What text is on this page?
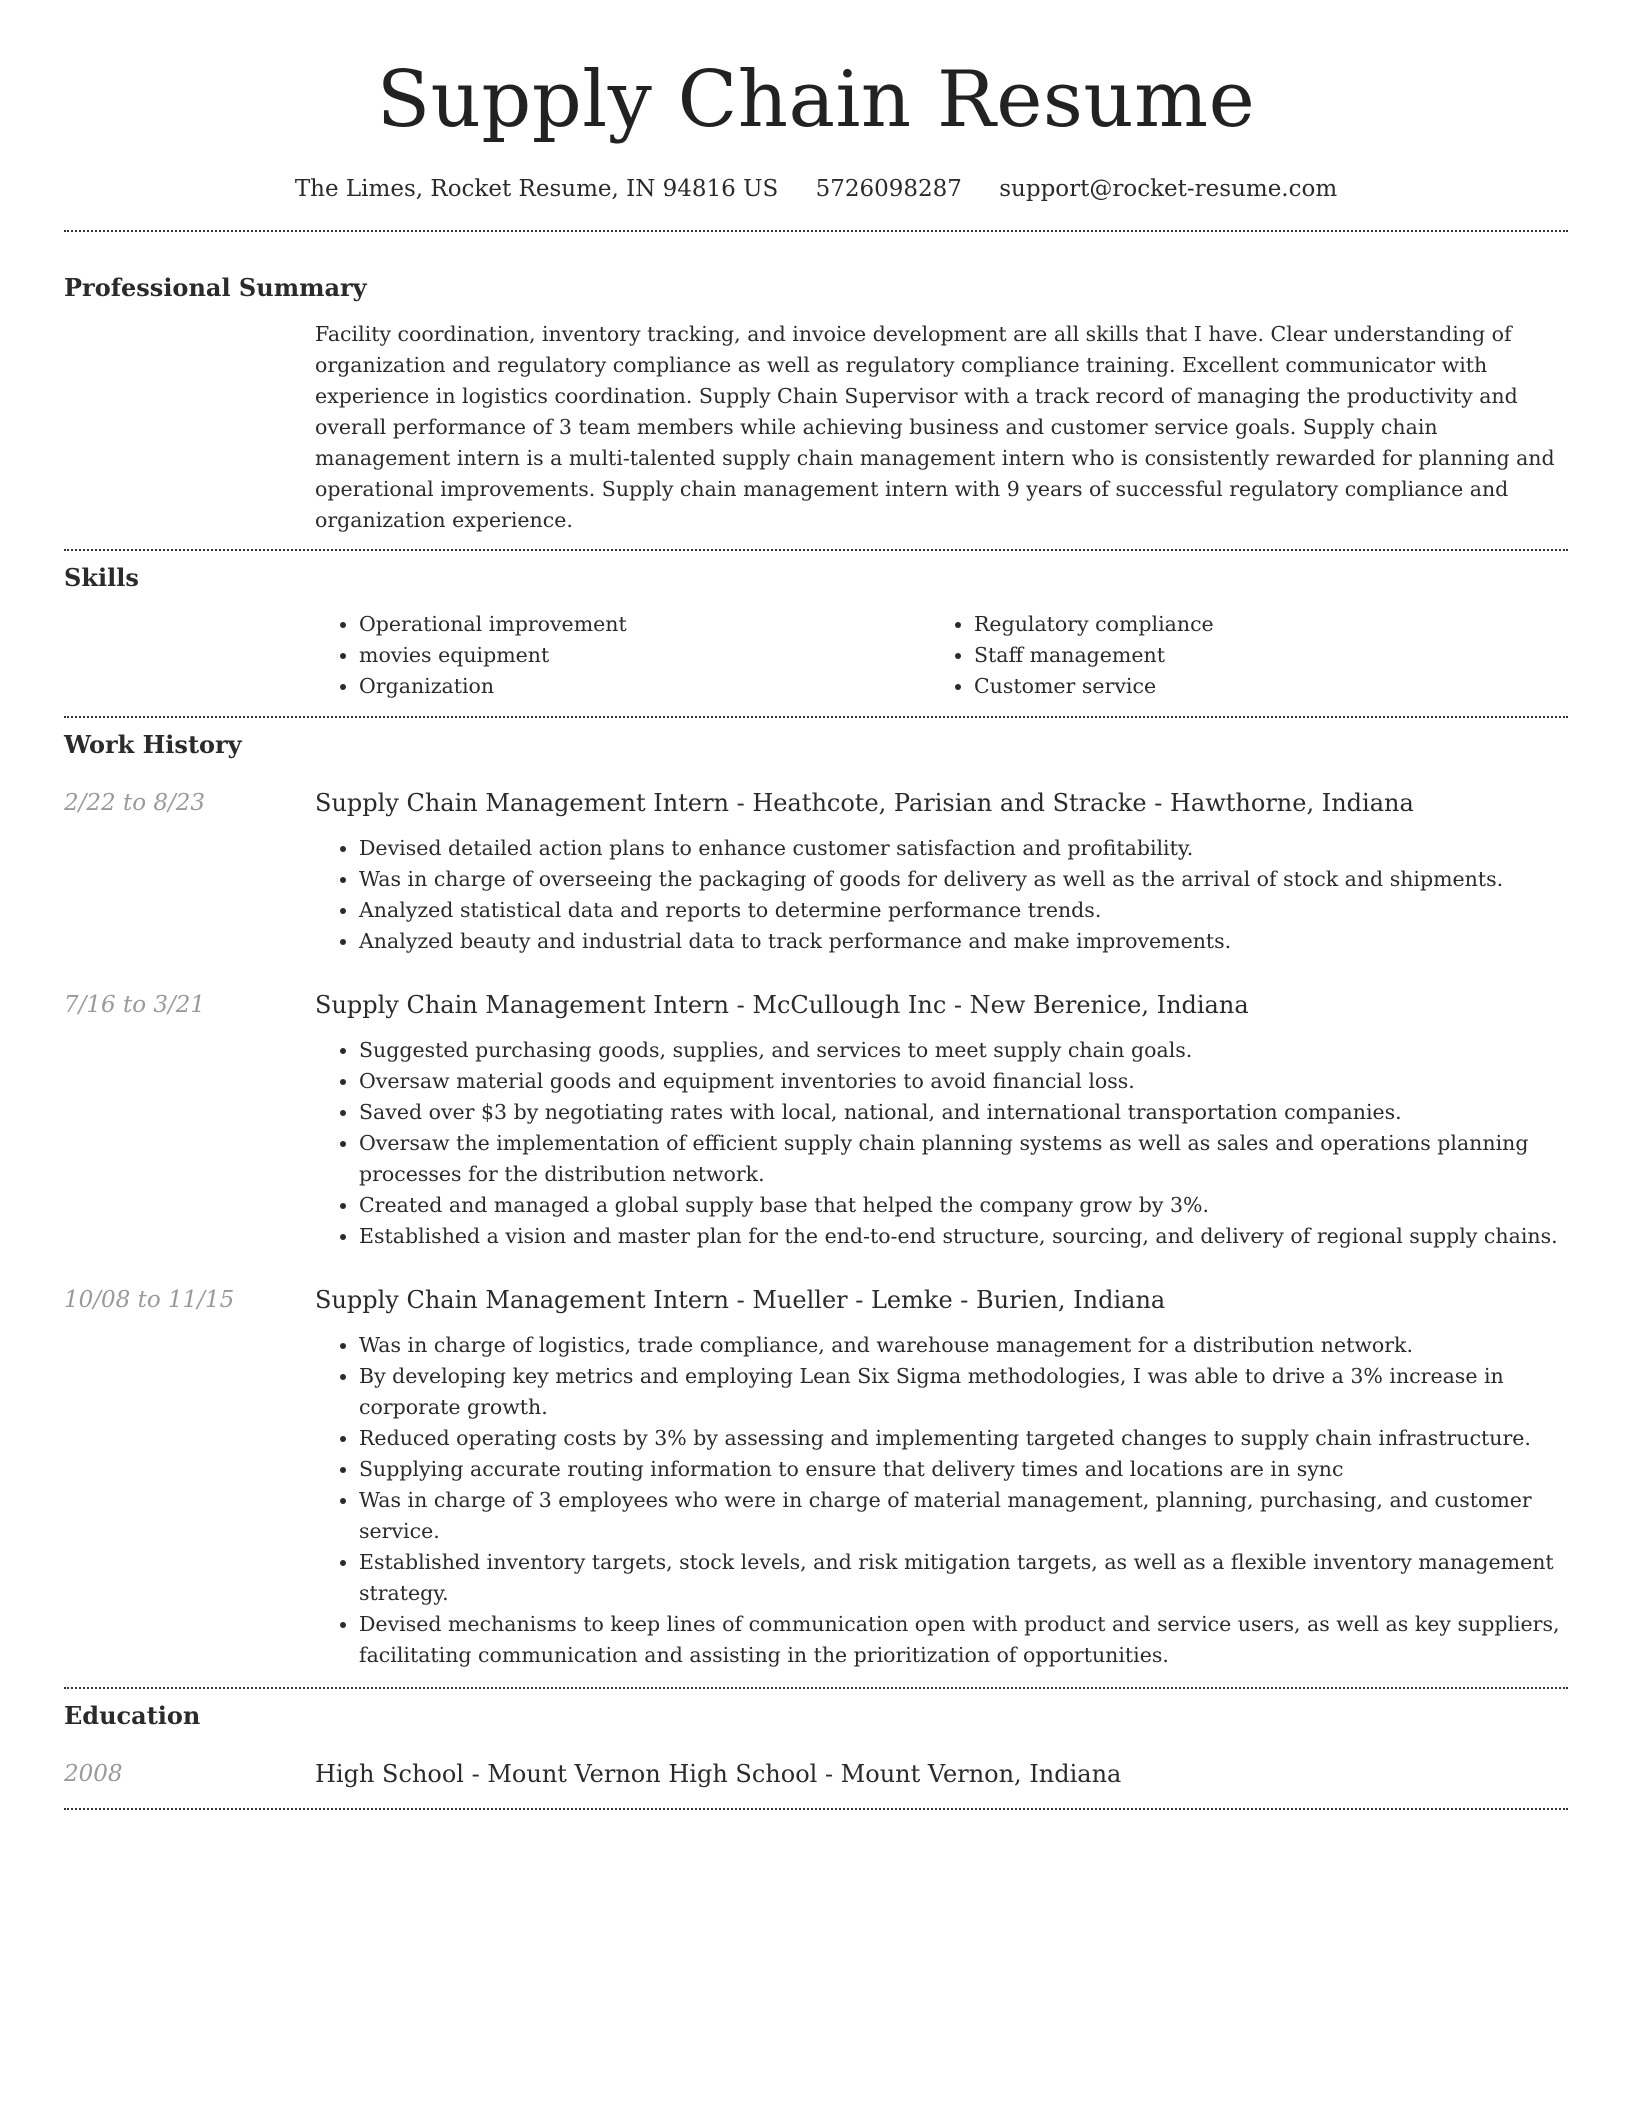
Supply Chain Resume
The Limes, Rocket Resume, IN 94816 US 5726098287 support@rocket-resume.com
Professional Summary
Facility coordination, inventory tracking, and invoice development are all skills that I have. Clear understanding of organization and regulatory compliance as well as regulatory compliance training. Excellent communicator with experience in logistics coordination. Supply Chain Supervisor with a track record of managing the productivity and overall performance of 3 team members while achieving business and customer service goals. Supply chain management intern is a multi-talented supply chain management intern who is consistently rewarded for planning and operational improvements. Supply chain management intern with 9 years of successful regulatory compliance and organization experience.
Skills
• Operational improvement
• movies equipment
• Organization
• Regulatory compliance
• Staff management
• Customer service
Work History
2/22 to 8/23	Supply Chain Management Intern - Heathcote, Parisian and Stracke - Hawthorne, Indiana
• Devised detailed action plans to enhance customer satisfaction and profitability.
• Was in charge of overseeing the packaging of goods for delivery as well as the arrival of stock and shipments.
• Analyzed statistical data and reports to determine performance trends.
• Analyzed beauty and industrial data to track performance and make improvements.
7/16 to 3/21	Supply Chain Management Intern - McCullough Inc - New Berenice, Indiana
• Suggested purchasing goods, supplies, and services to meet supply chain goals.
• Oversaw material goods and equipment inventories to avoid financial loss.
• Saved over $3 by negotiating rates with local, national, and international transportation companies.
• Oversaw the implementation of efficient supply chain planning systems as well as sales and operations planning processes for the distribution network.
• Created and managed a global supply base that helped the company grow by 3%.
• Established a vision and master plan for the end-to-end structure, sourcing, and delivery of regional supply chains.
10/08 to 11/15	Supply Chain Management Intern - Mueller - Lemke - Burien, Indiana
• Was in charge of logistics, trade compliance, and warehouse management for a distribution network.
• By developing key metrics and employing Lean Six Sigma methodologies, I was able to drive a 3% increase in corporate growth.
• Reduced operating costs by 3% by assessing and implementing targeted changes to supply chain infrastructure.
• Supplying accurate routing information to ensure that delivery times and locations are in sync
• Was in charge of 3 employees who were in charge of material management, planning, purchasing, and customer service.
• Established inventory targets, stock levels, and risk mitigation targets, as well as a flexible inventory management strategy.
• Devised mechanisms to keep lines of communication open with product and service users, as well as key suppliers, facilitating communication and assisting in the prioritization of opportunities.
Education
2008	High School - Mount Vernon High School - Mount Vernon, Indiana
